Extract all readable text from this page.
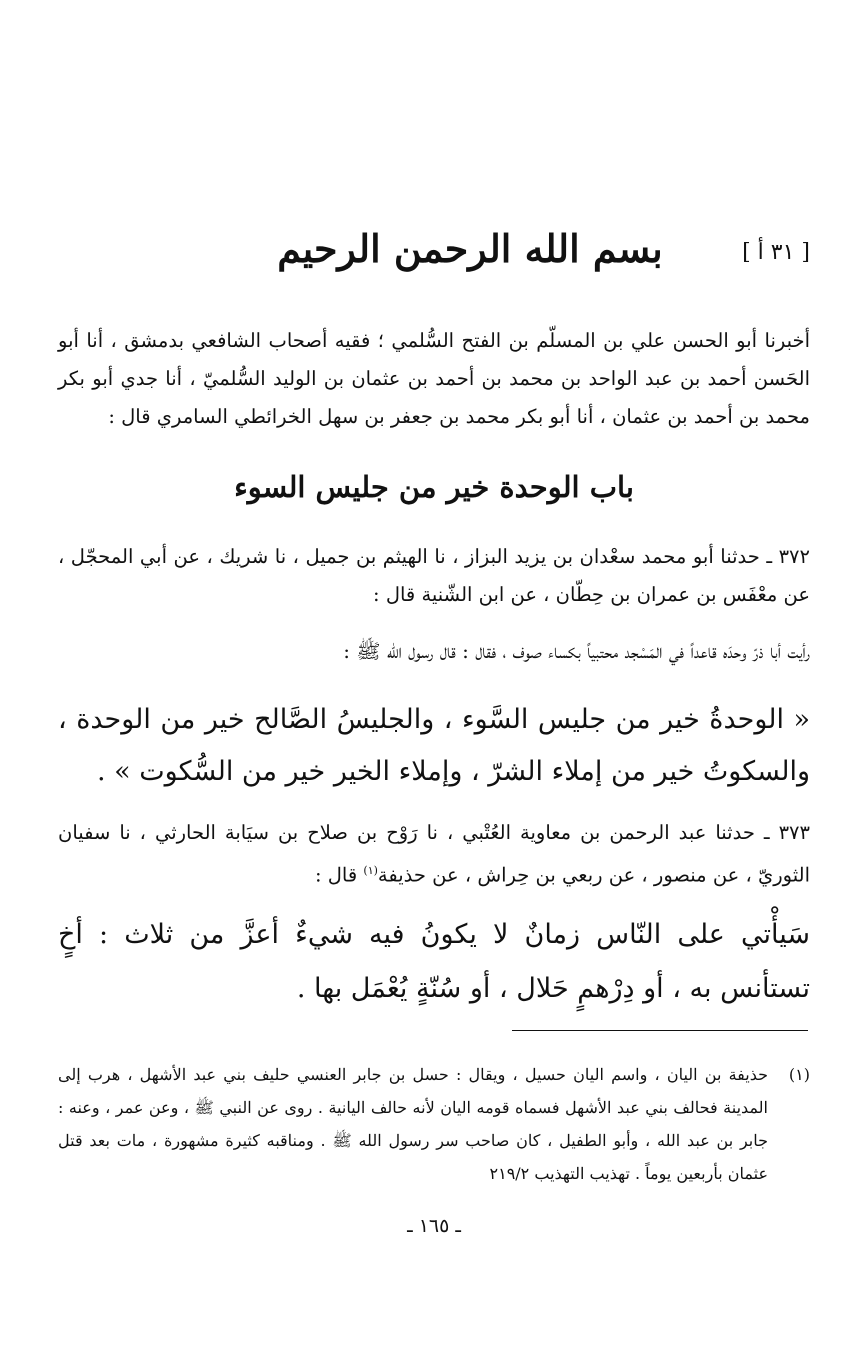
[ ٣١ أ ]
بسم الله الرحمن الرحيم
أخبرنا أبو الحسن علي بن المسلّم بن الفتح السُّلمي ؛ فقيه أصحاب الشافعي بدمشق ، أنا أبو الحَسن أحمد بن عبد الواحد بن محمد بن أحمد بن عثمان بن الوليد السُّلميّ ، أنا جدي أبو بكر محمد بن أحمد بن عثمان ، أنا أبو بكر محمد بن جعفر بن سهل الخرائطي السامري قال :
باب الوحدة خير من جليس السوء
٣٧٢ ـ حدثنا أبو محمد سعْدان بن يزيد البزاز ، نا الهيثم بن جميل ، نا شريك ، عن أبي المحجّل ، عن معْفَس بن عمران بن حِطّان ، عن ابن الشّنية قال :
رأيت أبا ذرّ وحدَه قاعداً في المَسْجد محتبياً بكساء صوف ، فقال : قال رسول الله ﷺ :
« الوحدةُ خير من جليس السَّوء ، والجليسُ الصَّالح خير من الوحدة ، والسكوتُ خير من إملاء الشرّ ، وإملاء الخير خير من السُّكوت » .
٣٧٣ ـ حدثنا عبد الرحمن بن معاوية العُتْبي ، نا رَوْح بن صلاح بن سيَابة الحارثي ، نا سفيان الثوريّ ، عن منصور ، عن ربعي بن حِراش ، عن حذيفة$^{(١)}$ قال :
سَيأْتي على النّاس زمانٌ لا يكونُ فيه شيءٌ أعزَّ من ثلاث : أخٍ تستأنس به ، أو دِرْهمٍ حَلال ، أو سُنّةٍ يُعْمَل بها .
(١)
حذيفة بن اليان ، واسم اليان حسيل ، ويقال : حسل بن جابر العنسي حليف بني عبد الأشهل ، هرب إلى المدينة فحالف بني عبد الأشهل فسماه قومه اليان لأنه حالف اليانية . روى عن النبي ﷺ ، وعن عمر ، وعنه : جابر بن عبد الله ، وأبو الطفيل ، كان صاحب سر رسول الله ﷺ . ومناقبه كثيرة مشهورة ، مات بعد قتل عثمان بأربعين يوماً . تهذيب التهذيب ٢١٩/٢
ـ ١٦٥ ـ
